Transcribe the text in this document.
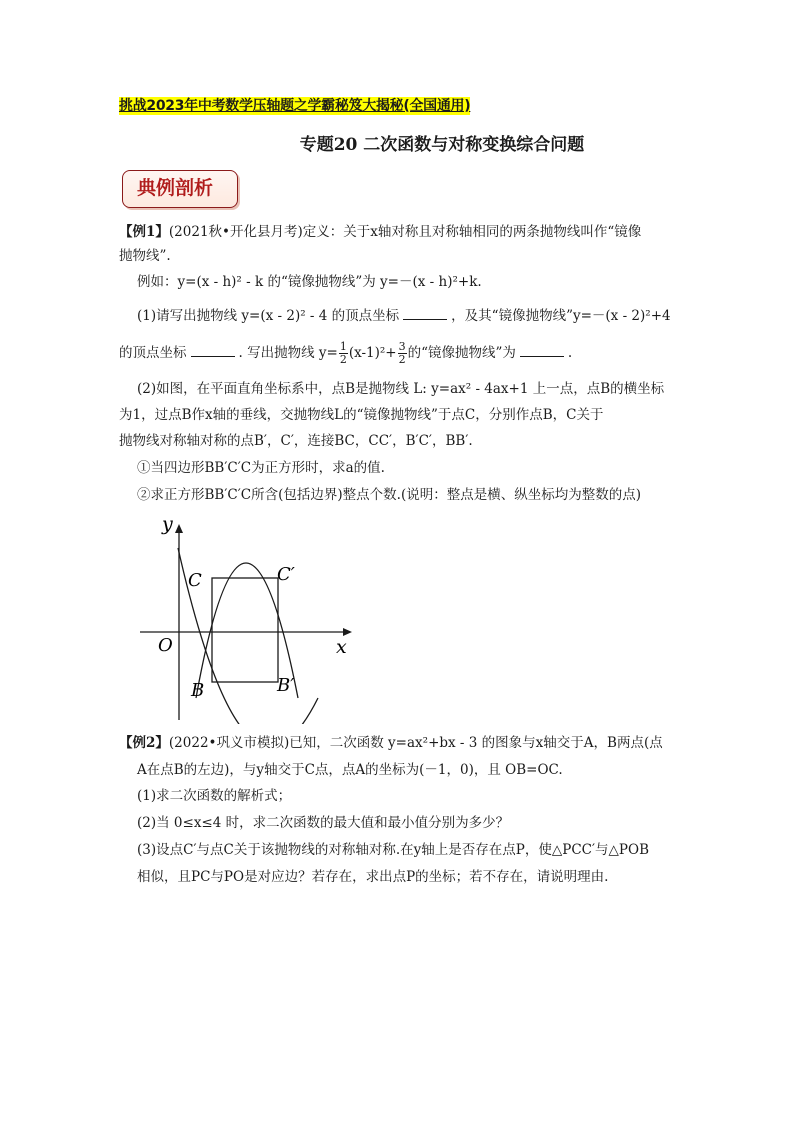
挑战2023年中考数学压轴题之学霸秘笈大揭秘(全国通用)
专题20 二次函数与对称变换综合问题
典例剖析
【例1】(2021秋•开化县月考)定义：关于x轴对称且对称轴相同的两条抛物线叫作“镜像
抛物线”.
例如：y=(x - h)² - k 的“镜像抛物线”为 y=－(x - h)²+k.
(1)请写出抛物线 y=(x - 2)² - 4 的顶点坐标	，及其“镜像抛物线”y=－(x - 2)²+4
的顶点坐标	. 写出抛物线 $y= \frac{1}{2} (x-1)^2+ \frac{3}{2}$ 的“镜像抛物线”为	.
(2)如图，在平面直角坐标系中，点B是抛物线 L: y=ax² - 4ax+1 上一点，点B的横坐标
为1，过点B作x轴的垂线，交抛物线L的“镜像抛物线”于点C，分别作点B，C关于
抛物线对称轴对称的点B′，C′，连接BC，CC′，B′C′，BB′.
①当四边形BB′C′C为正方形时，求a的值.
②求正方形BB′C′C所含(包括边界)整点个数.(说明：整点是横、纵坐标均为整数的点)
y
x
O
C	C′
B	B′
【例2】(2022•巩义市模拟)已知，二次函数 y=ax²+bx - 3 的图象与x轴交于A，B两点(点
A在点B的左边)，与y轴交于C点，点A的坐标为(－1，0)，且 OB=OC.
(1)求二次函数的解析式；
(2)当 0≤x≤4 时，求二次函数的最大值和最小值分别为多少？
(3)设点C′与点C关于该抛物线的对称轴对称.在y轴上是否存在点P，使△PCC′与△POB
相似，且PC与PO是对应边？若存在，求出点P的坐标；若不存在，请说明理由.
